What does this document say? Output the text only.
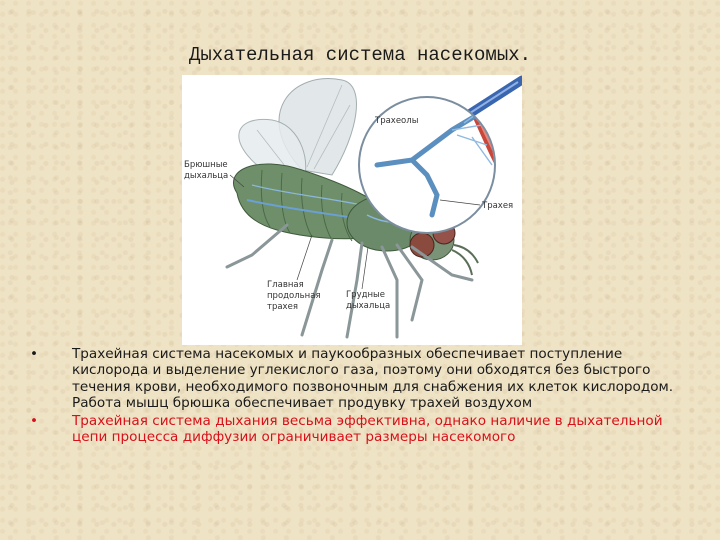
Дыхательная система насекомых.
Трахеолы
Брюшные
дыхальца
Трахея
Главная
продольная
трахея
Грудные
дыхальца
•	Трахейная система насекомых и паукообразных обеспечивает поступление кислорода и выделение углекислого газа, поэтому они обходятся без быстрого течения крови, необходимого позвоночным для снабжения их клеток кислородом. Работа мышц брюшка обеспечивает продувку трахей воздухом
•	Трахейная система дыхания весьма эффективна, однако наличие в дыхательной цепи процесса диффузии ограничивает размеры насекомого
